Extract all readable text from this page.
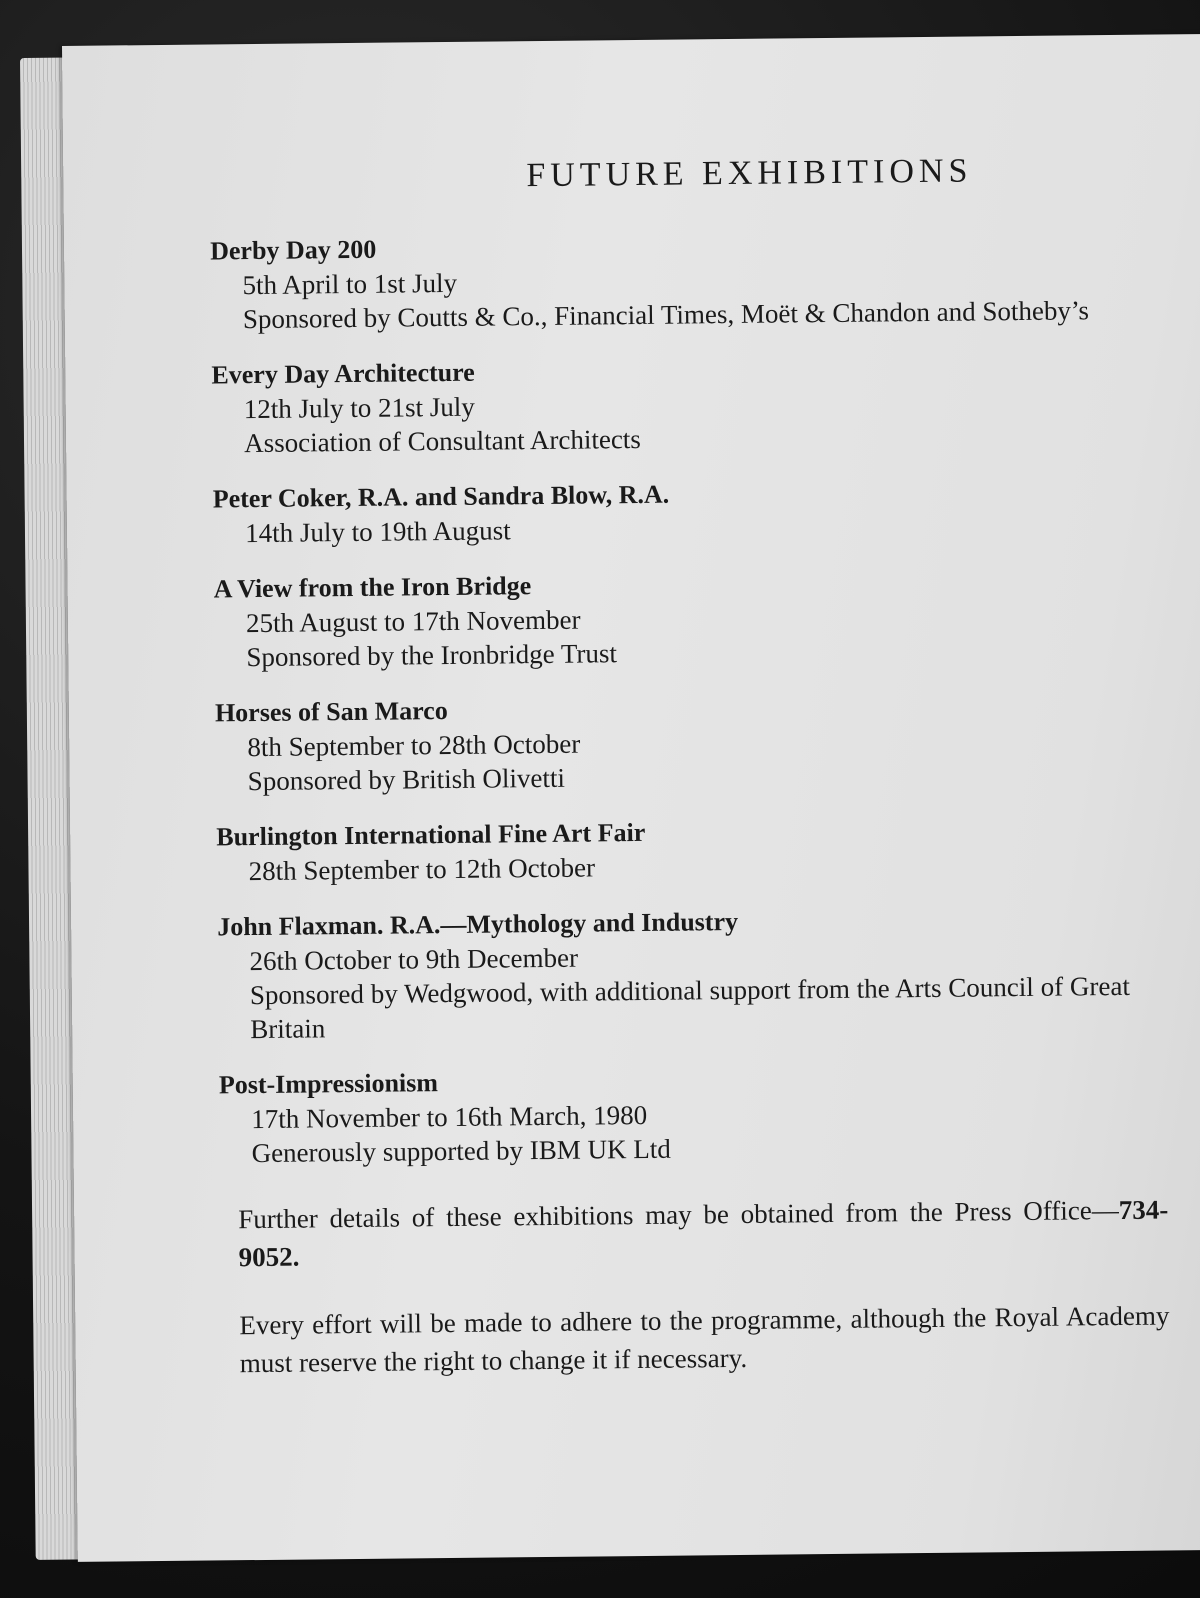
FUTURE EXHIBITIONS
Derby Day 200
5th April to 1st July
Sponsored by Coutts & Co., Financial Times, Moët & Chandon and Sotheby’s
Every Day Architecture
12th July to 21st July
Association of Consultant Architects
Peter Coker, R.A. and Sandra Blow, R.A.
14th July to 19th August
A View from the Iron Bridge
25th August to 17th November
Sponsored by the Ironbridge Trust
Horses of San Marco
8th September to 28th October
Sponsored by British Olivetti
Burlington International Fine Art Fair
28th September to 12th October
John Flaxman. R.A.—Mythology and Industry
26th October to 9th December
Sponsored by Wedgwood, with additional support from the Arts Council of Great Britain
Post-Impressionism
17th November to 16th March, 1980
Generously supported by IBM UK Ltd
Further details of these exhibitions may be obtained from the Press Office—734-9052.
Every effort will be made to adhere to the programme, although the Royal Academy must reserve the right to change it if necessary.
